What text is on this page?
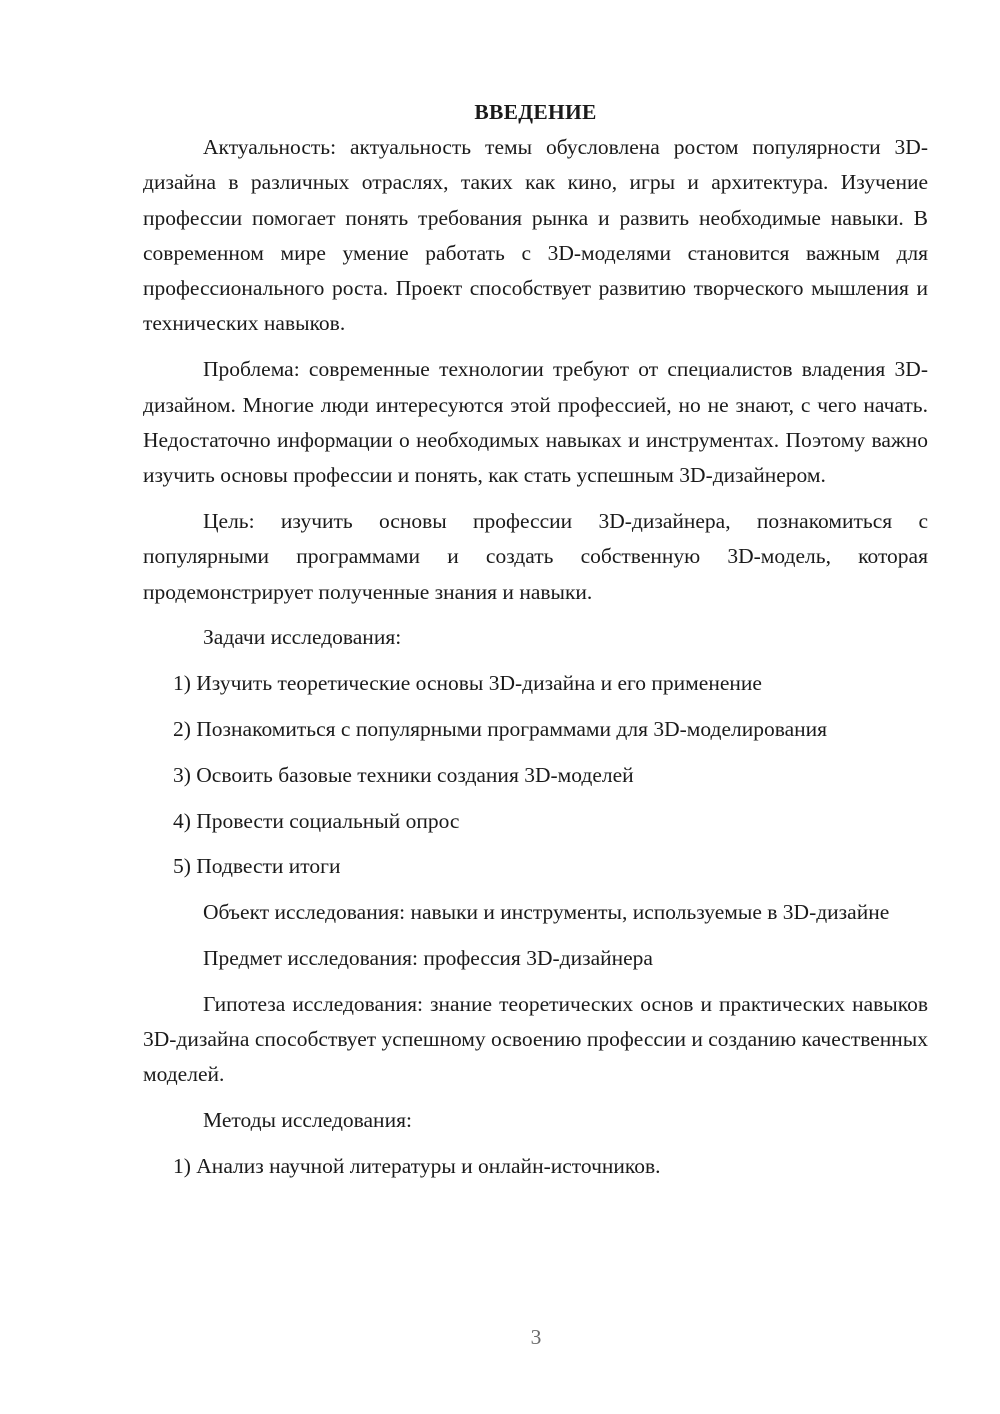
ВВЕДЕНИЕ

Актуальность: актуальность темы обусловлена ростом популярности 3D-дизайна в различных отраслях, таких как кино, игры и архитектура. Изучение профессии помогает понять требования рынка и развить необходимые навыки. В современном мире умение работать с 3D-моделями становится важным для профессионального роста. Проект способствует развитию творческого мышления и технических навыков.

Проблема: современные технологии требуют от специалистов владения 3D-дизайном. Многие люди интересуются этой профессией, но не знают, с чего начать. Недостаточно информации о необходимых навыках и инструментах. Поэтому важно изучить основы профессии и понять, как стать успешным 3D-дизайнером.

Цель: изучить основы профессии 3D-дизайнера, познакомиться с популярными программами и создать собственную 3D-модель, которая продемонстрирует полученные знания и навыки.

Задачи исследования:

1) Изучить теоретические основы 3D-дизайна и его применение

2) Познакомиться с популярными программами для 3D-моделирования

3) Освоить базовые техники создания 3D-моделей

4) Провести социальный опрос

5) Подвести итоги

Объект исследования: навыки и инструменты, используемые в 3D-дизайне

Предмет исследования: профессия 3D-дизайнера

Гипотеза исследования: знание теоретических основ и практических навыков 3D-дизайна способствует успешному освоению профессии и созданию качественных моделей.

Методы исследования:

1) Анализ научной литературы и онлайн-источников.

3
